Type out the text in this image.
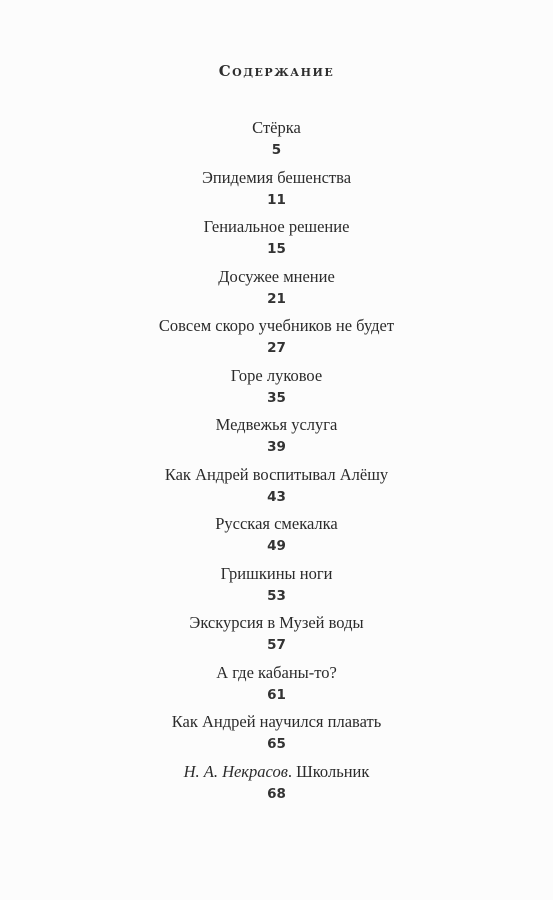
Содержание
Стёрка
5
Эпидемия бешенства
11
Гениальное решение
15
Досужее мнение
21
Совсем скоро учебников не будет
27
Горе луковое
35
Медвежья услуга
39
Как Андрей воспитывал Алёшу
43
Русская смекалка
49
Гришкины ноги
53
Экскурсия в Музей воды
57
А где кабаны-то?
61
Как Андрей научился плавать
65
Н. А. Некрасов. Школьник
68
